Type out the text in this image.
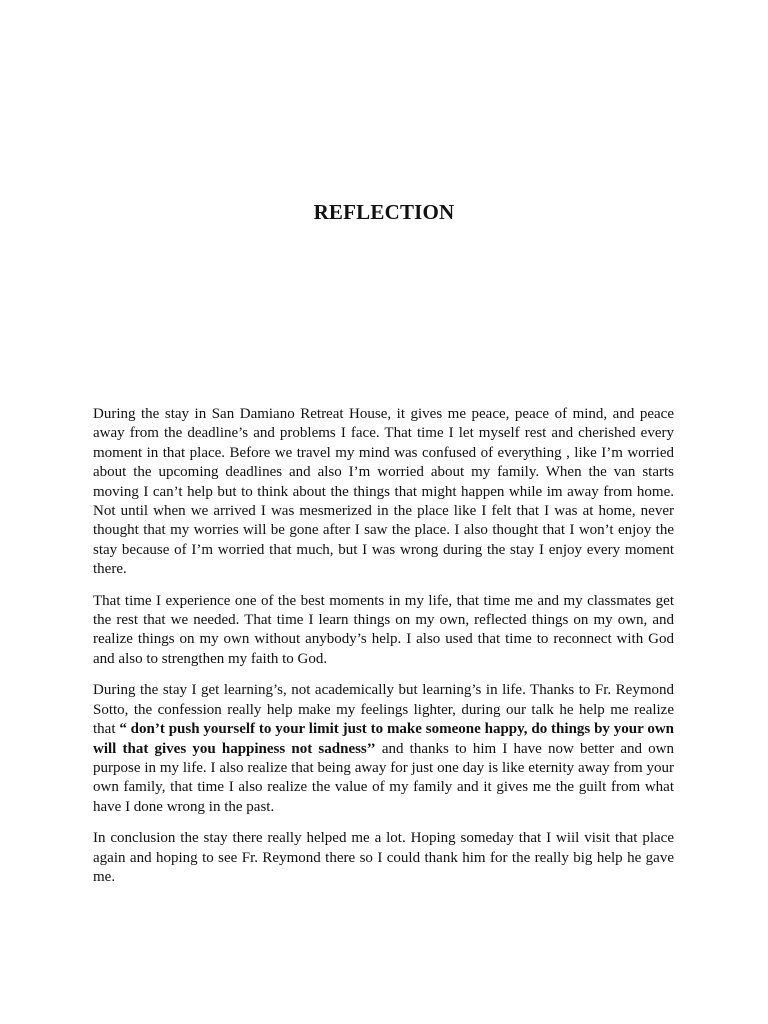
REFLECTION

During the stay in San Damiano Retreat House, it gives me peace, peace of mind, and peace away from the deadline’s and problems I face. That time I let myself rest and cherished every moment in that place. Before we travel my mind was confused of everything , like I’m worried about the upcoming deadlines and also I’m worried about my family. When the van starts moving I can’t help but to think about the things that might happen while im away from home. Not until when we arrived I was mesmerized in the place like I felt that I was at home, never thought that my worries will be gone after I saw the place. I also thought that I won’t enjoy the stay because of I’m worried that much, but I was wrong during the stay I enjoy every moment there.

That time I experience one of the best moments in my life, that time me and my classmates get the rest that we needed. That time I learn things on my own, reflected things on my own, and realize things on my own without anybody’s help. I also used that time to reconnect with God and also to strengthen my faith to God.

During the stay I get learning’s, not academically but learning’s in life. Thanks to Fr. Reymond Sotto, the confession really help make my feelings lighter, during our talk he help me realize that “ don’t push yourself to your limit just to make someone happy, do things by your own will that gives you happiness not sadness’’ and thanks to him I have now better and own purpose in my life. I also realize that being away for just one day is like eternity away from your own family, that time I also realize the value of my family and it gives me the guilt from what have I done wrong in the past.

In conclusion the stay there really helped me a lot. Hoping someday that I wiil visit that place again and hoping to see Fr. Reymond there so I could thank him for the really big help he gave me.
